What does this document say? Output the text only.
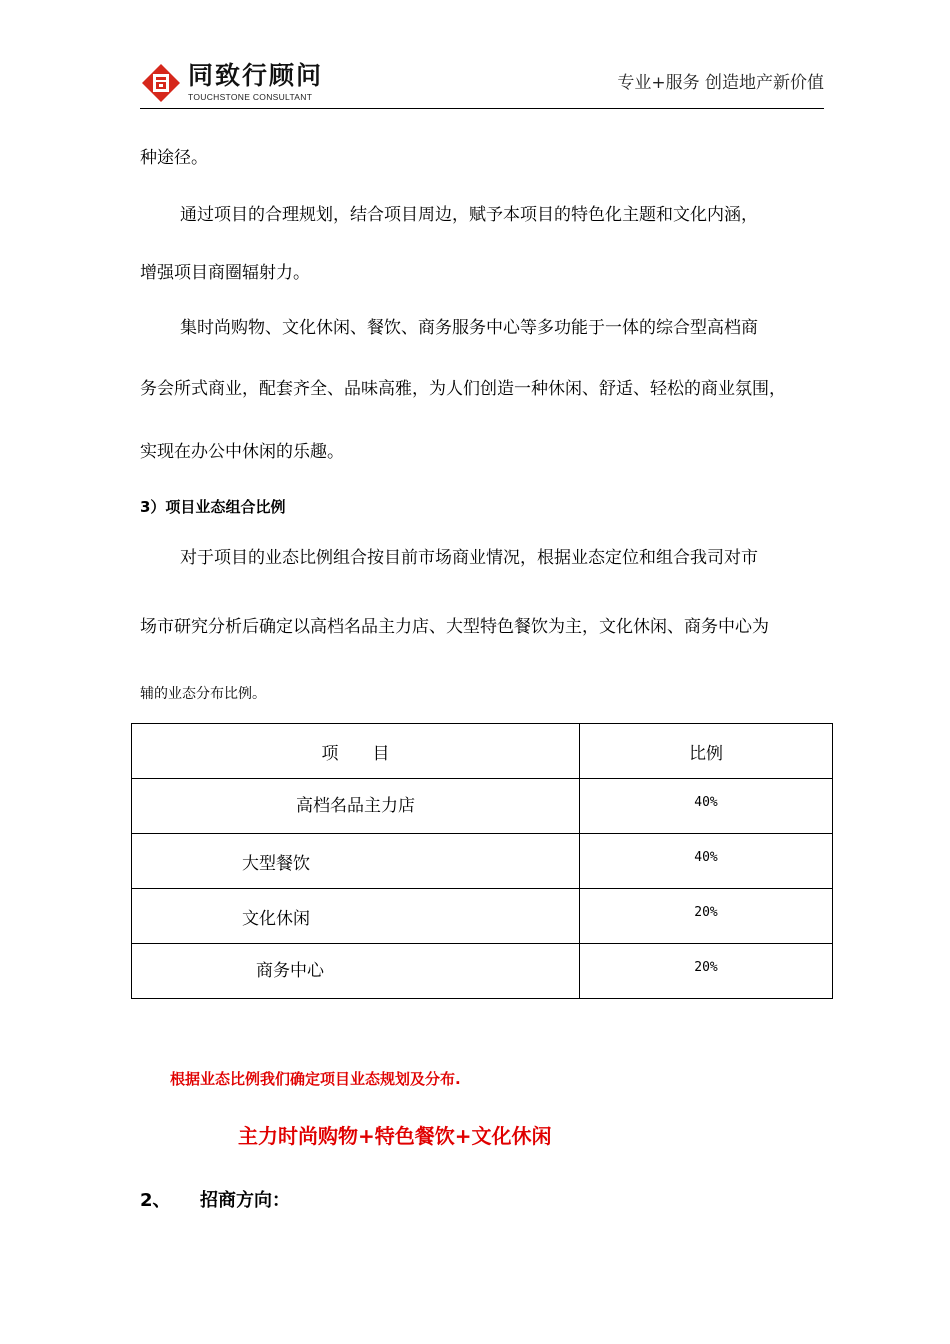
同致行顾问
TOUCHSTONE CONSULTANT
专业+服务 创造地产新价值
种途径。
通过项目的合理规划，结合项目周边，赋予本项目的特色化主题和文化内涵，
增强项目商圈辐射力。
集时尚购物、文化休闲、餐饮、商务服务中心等多功能于一体的综合型高档商
务会所式商业，配套齐全、品味高雅，为人们创造一种休闲、舒适、轻松的商业氛围，
实现在办公中休闲的乐趣。
3）项目业态组合比例
对于项目的业态比例组合按目前市场商业情况，根据业态定位和组合我司对市
场市研究分析后确定以高档名品主力店、大型特色餐饮为主，文化休闲、商务中心为
辅的业态分布比例。
项　　目	比例
高档名品主力店	40%
大型餐饮	40%
文化休闲	20%
商务中心	20%
根据业态比例我们确定项目业态规划及分布.
主力时尚购物+特色餐饮+文化休闲
2、	招商方向：
